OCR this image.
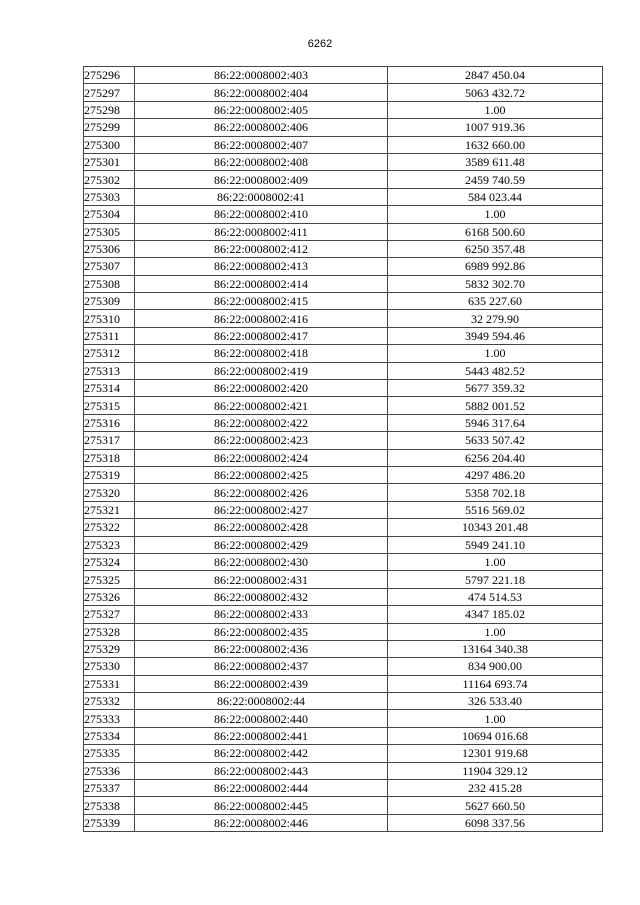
6262
275296	86:22:0008002:403	2847 450.04
275297	86:22:0008002:404	5063 432.72
275298	86:22:0008002:405	1.00
275299	86:22:0008002:406	1007 919.36
275300	86:22:0008002:407	1632 660.00
275301	86:22:0008002:408	3589 611.48
275302	86:22:0008002:409	2459 740.59
275303	86:22:0008002:41	584 023.44
275304	86:22:0008002:410	1.00
275305	86:22:0008002:411	6168 500.60
275306	86:22:0008002:412	6250 357.48
275307	86:22:0008002:413	6989 992.86
275308	86:22:0008002:414	5832 302.70
275309	86:22:0008002:415	635 227.60
275310	86:22:0008002:416	32 279.90
275311	86:22:0008002:417	3949 594.46
275312	86:22:0008002:418	1.00
275313	86:22:0008002:419	5443 482.52
275314	86:22:0008002:420	5677 359.32
275315	86:22:0008002:421	5882 001.52
275316	86:22:0008002:422	5946 317.64
275317	86:22:0008002:423	5633 507.42
275318	86:22:0008002:424	6256 204.40
275319	86:22:0008002:425	4297 486.20
275320	86:22:0008002:426	5358 702.18
275321	86:22:0008002:427	5516 569.02
275322	86:22:0008002:428	10343 201.48
275323	86:22:0008002:429	5949 241.10
275324	86:22:0008002:430	1.00
275325	86:22:0008002:431	5797 221.18
275326	86:22:0008002:432	474 514.53
275327	86:22:0008002:433	4347 185.02
275328	86:22:0008002:435	1.00
275329	86:22:0008002:436	13164 340.38
275330	86:22:0008002:437	834 900.00
275331	86:22:0008002:439	11164 693.74
275332	86:22:0008002:44	326 533.40
275333	86:22:0008002:440	1.00
275334	86:22:0008002:441	10694 016.68
275335	86:22:0008002:442	12301 919.68
275336	86:22:0008002:443	11904 329.12
275337	86:22:0008002:444	232 415.28
275338	86:22:0008002:445	5627 660.50
275339	86:22:0008002:446	6098 337.56
